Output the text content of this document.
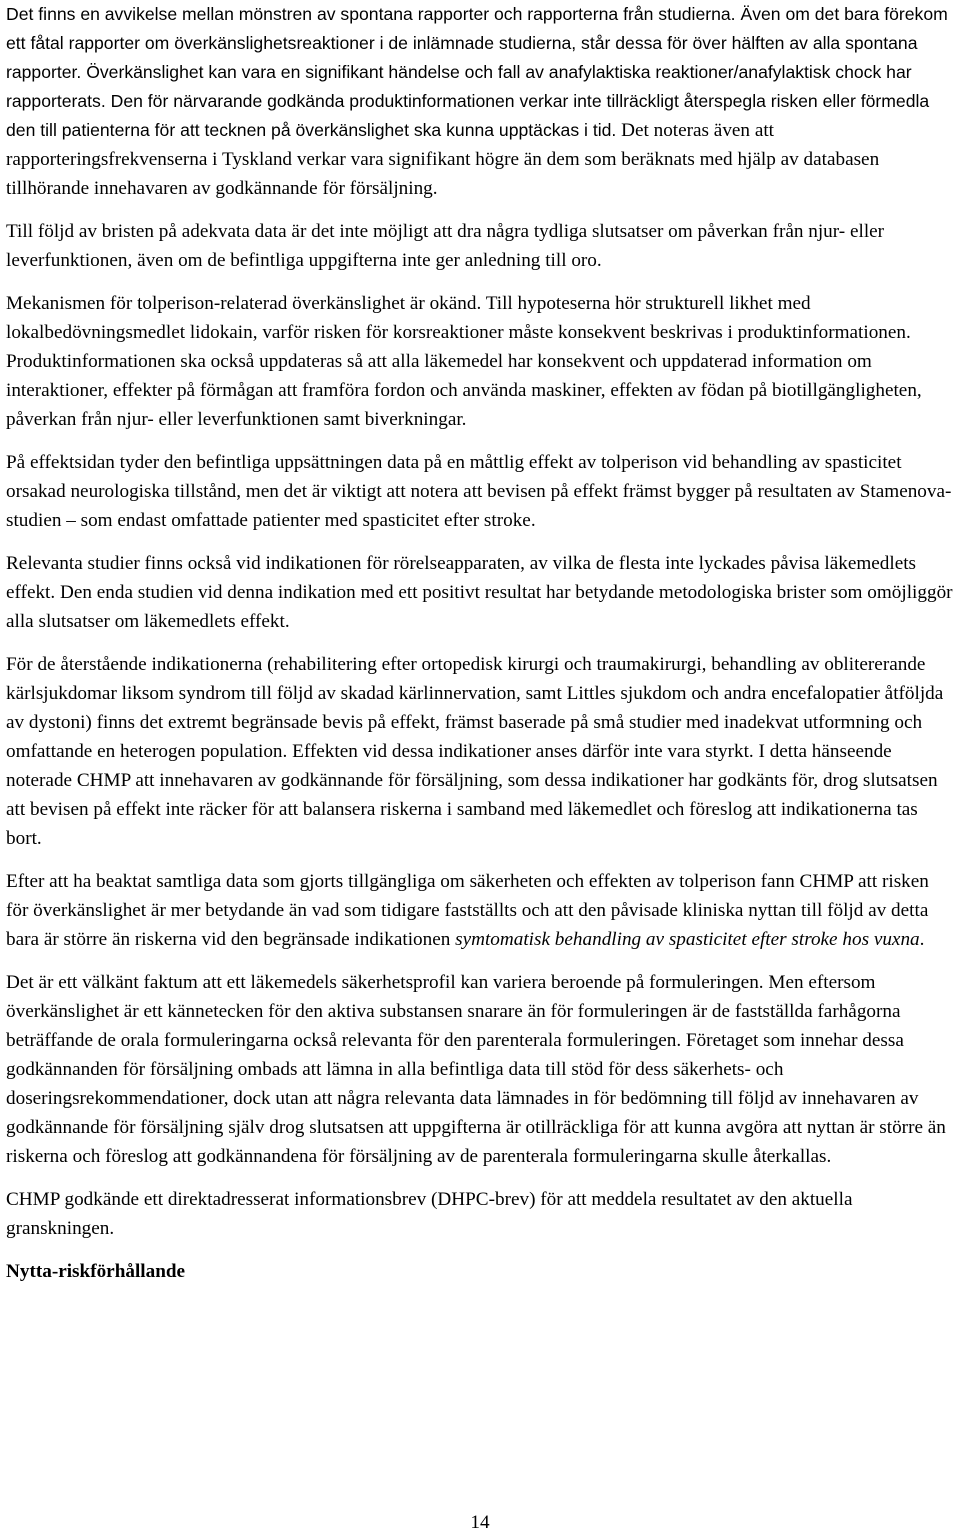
Det finns en avvikelse mellan mönstren av spontana rapporter och rapporterna från studierna. Även om det bara förekom ett fåtal rapporter om överkänslighetsreaktioner i de inlämnade studierna, står dessa för över hälften av alla spontana rapporter. Överkänslighet kan vara en signifikant händelse och fall av anafylaktiska reaktioner/anafylaktisk chock har rapporterats. Den för närvarande godkända produktinformationen verkar inte tillräckligt återspegla risken eller förmedla den till patienterna för att tecknen på överkänslighet ska kunna upptäckas i tid. Det noteras även att rapporteringsfrekvenserna i Tyskland verkar vara signifikant högre än dem som beräknats med hjälp av databasen tillhörande innehavaren av godkännande för försäljning.

Till följd av bristen på adekvata data är det inte möjligt att dra några tydliga slutsatser om påverkan från njur- eller leverfunktionen, även om de befintliga uppgifterna inte ger anledning till oro.

Mekanismen för tolperison-relaterad överkänslighet är okänd. Till hypoteserna hör strukturell likhet med lokalbedövningsmedlet lidokain, varför risken för korsreaktioner måste konsekvent beskrivas i produktinformationen. Produktinformationen ska också uppdateras så att alla läkemedel har konsekvent och uppdaterad information om interaktioner, effekter på förmågan att framföra fordon och använda maskiner, effekten av födan på biotillgängligheten, påverkan från njur- eller leverfunktionen samt biverkningar.

På effektsidan tyder den befintliga uppsättningen data på en måttlig effekt av tolperison vid behandling av spasticitet orsakad neurologiska tillstånd, men det är viktigt att notera att bevisen på effekt främst bygger på resultaten av Stamenova-studien – som endast omfattade patienter med spasticitet efter stroke.

Relevanta studier finns också vid indikationen för rörelseapparaten, av vilka de flesta inte lyckades påvisa läkemedlets effekt. Den enda studien vid denna indikation med ett positivt resultat har betydande metodologiska brister som omöjliggör alla slutsatser om läkemedlets effekt.

För de återstående indikationerna (rehabilitering efter ortopedisk kirurgi och traumakirurgi, behandling av oblitererande kärlsjukdomar liksom syndrom till följd av skadad kärlinnervation, samt Littles sjukdom och andra encefalopatier åtföljda av dystoni) finns det extremt begränsade bevis på effekt, främst baserade på små studier med inadekvat utformning och omfattande en heterogen population. Effekten vid dessa indikationer anses därför inte vara styrkt. I detta hänseende noterade CHMP att innehavaren av godkännande för försäljning, som dessa indikationer har godkänts för, drog slutsatsen att bevisen på effekt inte räcker för att balansera riskerna i samband med läkemedlet och föreslog att indikationerna tas bort.

Efter att ha beaktat samtliga data som gjorts tillgängliga om säkerheten och effekten av tolperison fann CHMP att risken för överkänslighet är mer betydande än vad som tidigare fastställts och att den påvisade kliniska nyttan till följd av detta bara är större än riskerna vid den begränsade indikationen symtomatisk behandling av spasticitet efter stroke hos vuxna.

Det är ett välkänt faktum att ett läkemedels säkerhetsprofil kan variera beroende på formuleringen. Men eftersom överkänslighet är ett kännetecken för den aktiva substansen snarare än för formuleringen är de fastställda farhågorna beträffande de orala formuleringarna också relevanta för den parenterala formuleringen. Företaget som innehar dessa godkännanden för försäljning ombads att lämna in alla befintliga data till stöd för dess säkerhets- och doseringsrekommendationer, dock utan att några relevanta data lämnades in för bedömning till följd av innehavaren av godkännande för försäljning själv drog slutsatsen att uppgifterna är otillräckliga för att kunna avgöra att nyttan är större än riskerna och föreslog att godkännandena för försäljning av de parenterala formuleringarna skulle återkallas.

CHMP godkände ett direktadresserat informationsbrev (DHPC-brev) för att meddela resultatet av den aktuella granskningen.

Nytta-riskförhållande

14
